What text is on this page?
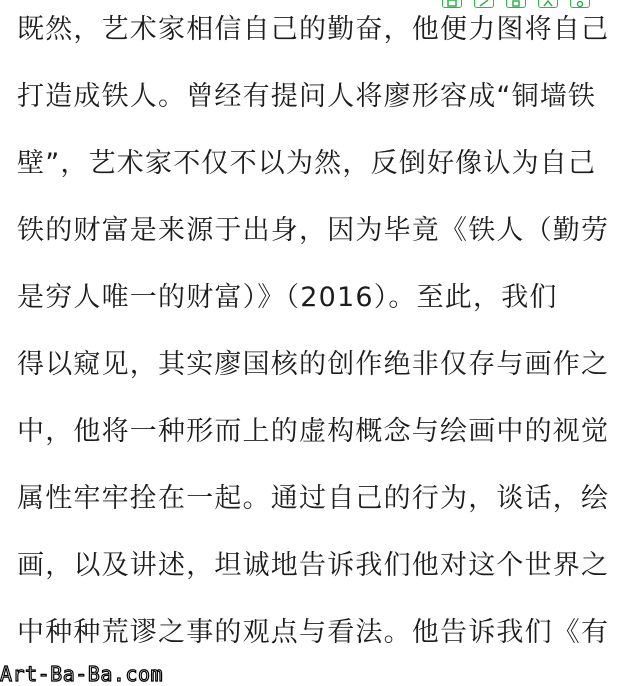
既然，艺术家相信自己的勤奋，他便力图将自己
打造成铁人。曾经有提问人将廖形容成“铜墙铁
壁”，艺术家不仅不以为然，反倒好像认为自己
铁的财富是来源于出身，因为毕竟《铁人（勤劳
是穷人唯一的财富）》（2016）。至此，我们
得以窥见，其实廖国核的创作绝非仅存与画作之
中，他将一种形而上的虚构概念与绘画中的视觉
属性牢牢拴在一起。通过自己的行为，谈话，绘
画，以及讲述，坦诚地告诉我们他对这个世界之
中种种荒谬之事的观点与看法。他告诉我们《有
Art-Ba-Ba.com
